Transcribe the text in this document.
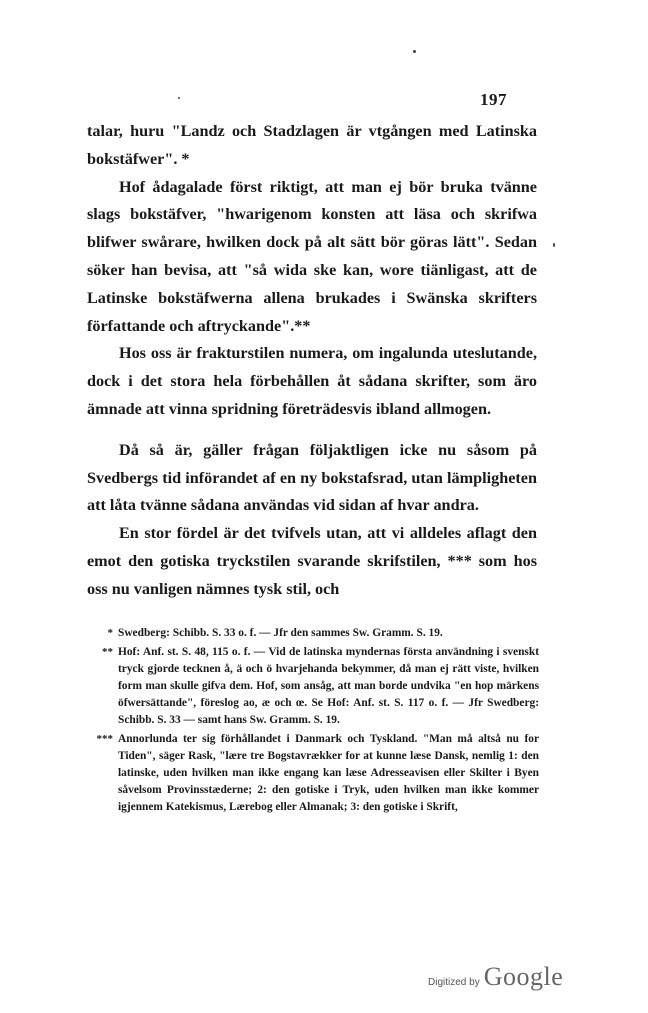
197

talar, huru "Landz och Stadzlagen är vtgången med Latinska bokstäfwer". *

Hof ådagalade först riktigt, att man ej bör bruka tvänne slags bokstäfver, "hwarigenom konsten att läsa och skrifwa blifwer swårare, hwilken dock på alt sätt bör göras lätt". Sedan söker han bevisa, att "så wida ske kan, wore tiänligast, att de Latinske bokstäfwerna allena brukades i Swänska skrifters författande och aftryckande".**

Hos oss är frakturstilen numera, om ingalunda uteslutande, dock i det stora hela förbehållen åt sådana skrifter, som äro ämnade att vinna spridning företrädesvis ibland allmogen.

Då så är, gäller frågan följaktligen icke nu såsom på Svedbergs tid införandet af en ny bokstafsrad, utan lämpligheten att låta tvänne sådana användas vid sidan af hvar andra.

En stor fördel är det tvifvels utan, att vi alldeles aflagt den emot den gotiska tryckstilen svarande skrifstilen, *** som hos oss nu vanligen nämnes tysk stil, och

* Swedberg: Schibb. S. 33 o. f. — Jfr den sammes Sw. Gramm. S. 19.

** Hof: Anf. st. S. 48, 115 o. f. — Vid de latinska myndernas första användning i svenskt tryck gjorde tecknen å, ä och ö hvarjehanda bekymmer, då man ej rätt viste, hvilken form man skulle gifva dem. Hof, som ansåg, att man borde undvika "en hop märkens öfwersättande", föreslog ao, æ och œ. Se Hof: Anf. st. S. 117 o. f. — Jfr Swedberg: Schibb. S. 33 — samt hans Sw. Gramm. S. 19.

*** Annorlunda ter sig förhållandet i Danmark och Tyskland. "Man må altså nu for Tiden", säger Rask, "lære tre Bogstavrækker for at kunne læse Dansk, nemlig 1: den latinske, uden hvilken man ikke engang kan læse Adresseavisen eller Skilter i Byen såvelsom Provinsstæderne; 2: den gotiske i Tryk, uden hvilken man ikke kommer igjennem Katekismus, Lærebog eller Almanak; 3: den gotiske i Skrift,

Digitized by Google
